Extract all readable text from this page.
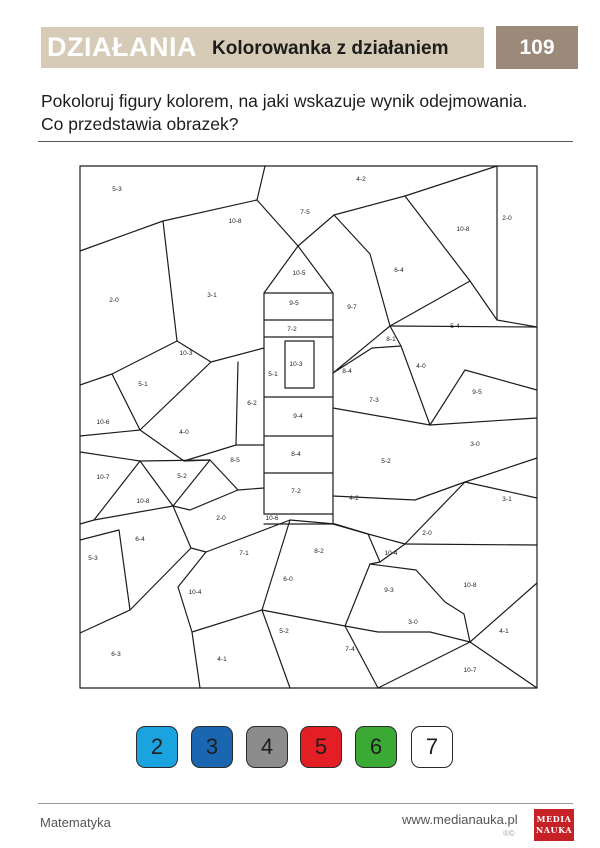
DZIAŁANIA Kolorowanka z działaniem	109
Pokoloruj figury kolorem, na jaki wskazuje wynik odejmowania.
Co przedstawia obrazek?
5-3
4-2
10-8
7-5
2-0
10-8
6-4
10-5
2-0
3-1
9-5
9-7
5-4
7-2
8-1
10-3
10-3
5-1
5-1
4-0
8-4
9-5
10-6
6-2	7-3
4-0
9-4
3-0
10-7
8-4
5-2
8-5
5-2
3-1
7-2
4-2
10-8
10-6
2-0
2-0
6-4
7-1	8-2	10-4
5-3
6-0
10-4	9-3
10-8
3-0
5-2	4-1
6-3
4-1
7-4
10-7
2 3 4 5 6 7
Matematyka	www.medianauka.pl
®©
MEDIA
NAUKA
